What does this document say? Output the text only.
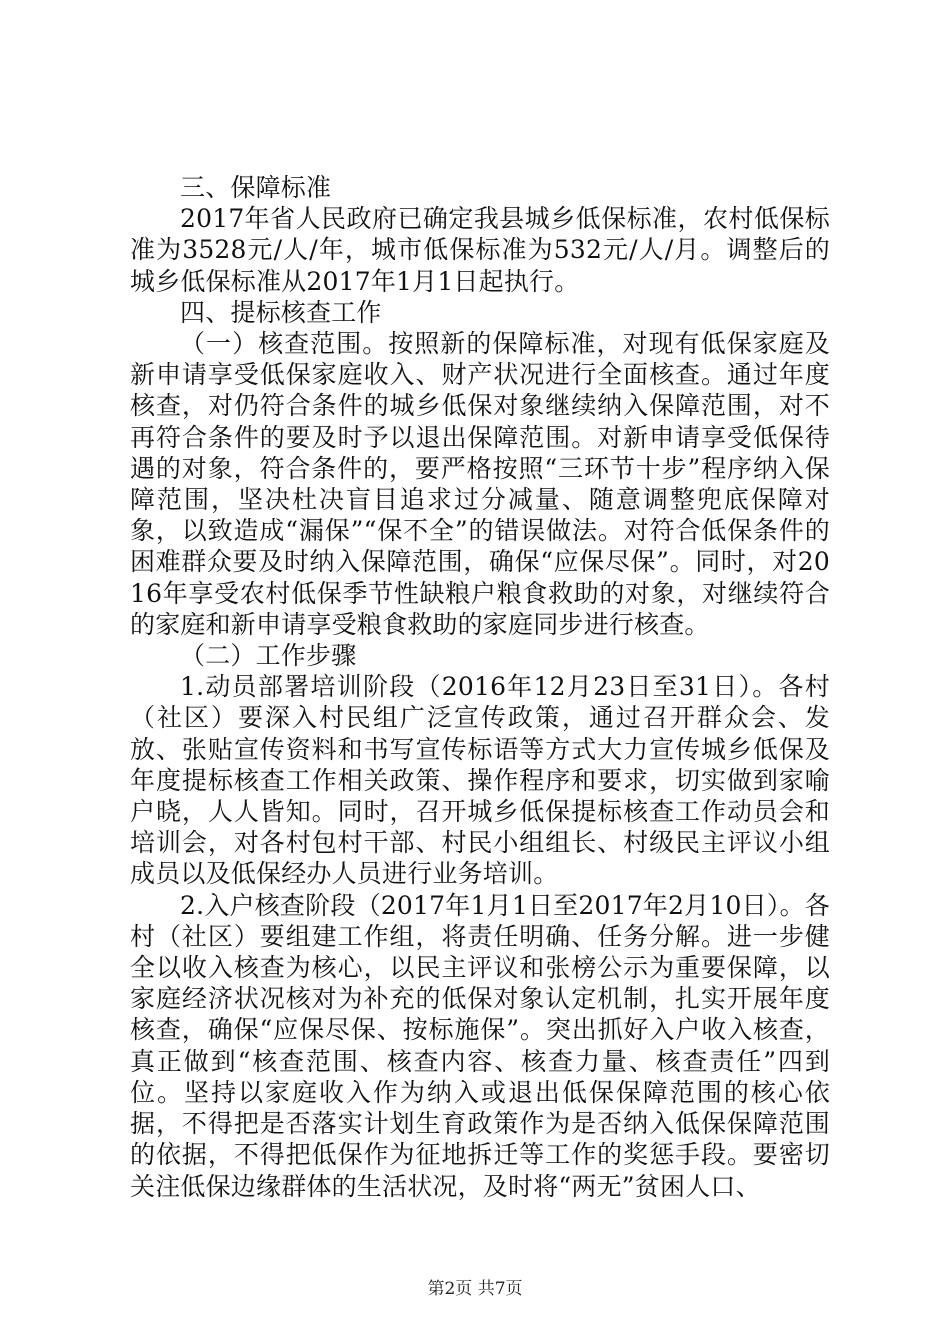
三、保障标准

2017年省人民政府已确定我县城乡低保标准，农村低保标准为3528元/人/年，城市低保标准为532元/人/月。调整后的城乡低保标准从2017年1月1日起执行。

四、提标核查工作

（一）核查范围。按照新的保障标准，对现有低保家庭及新申请享受低保家庭收入、财产状况进行全面核查。通过年度核查，对仍符合条件的城乡低保对象继续纳入保障范围，对不再符合条件的要及时予以退出保障范围。对新申请享受低保待遇的对象，符合条件的，要严格按照“三环节十步”程序纳入保障范围，坚决杜决盲目追求过分减量、随意调整兜底保障对象，以致造成“漏保”“保不全”的错误做法。对符合低保条件的困难群众要及时纳入保障范围，确保“应保尽保”。同时，对2016年享受农村低保季节性缺粮户粮食救助的对象，对继续符合的家庭和新申请享受粮食救助的家庭同步进行核查。

（二）工作步骤

1.动员部署培训阶段（2016年12月23日至31日）。各村（社区）要深入村民组广泛宣传政策，通过召开群众会、发放、张贴宣传资料和书写宣传标语等方式大力宣传城乡低保及年度提标核查工作相关政策、操作程序和要求，切实做到家喻户晓，人人皆知。同时，召开城乡低保提标核查工作动员会和培训会，对各村包村干部、村民小组组长、村级民主评议小组成员以及低保经办人员进行业务培训。

2.入户核查阶段（2017年1月1日至2017年2月10日）。各村（社区）要组建工作组，将责任明确、任务分解。进一步健全以收入核查为核心，以民主评议和张榜公示为重要保障，以家庭经济状况核对为补充的低保对象认定机制，扎实开展年度核查，确保“应保尽保、按标施保”。突出抓好入户收入核查，真正做到“核查范围、核查内容、核查力量、核查责任”四到位。坚持以家庭收入作为纳入或退出低保保障范围的核心依据，不得把是否落实计划生育政策作为是否纳入低保保障范围的依据，不得把低保作为征地拆迁等工作的奖惩手段。要密切关注低保边缘群体的生活状况，及时将“两无”贫困人口、

第2页 共7页
